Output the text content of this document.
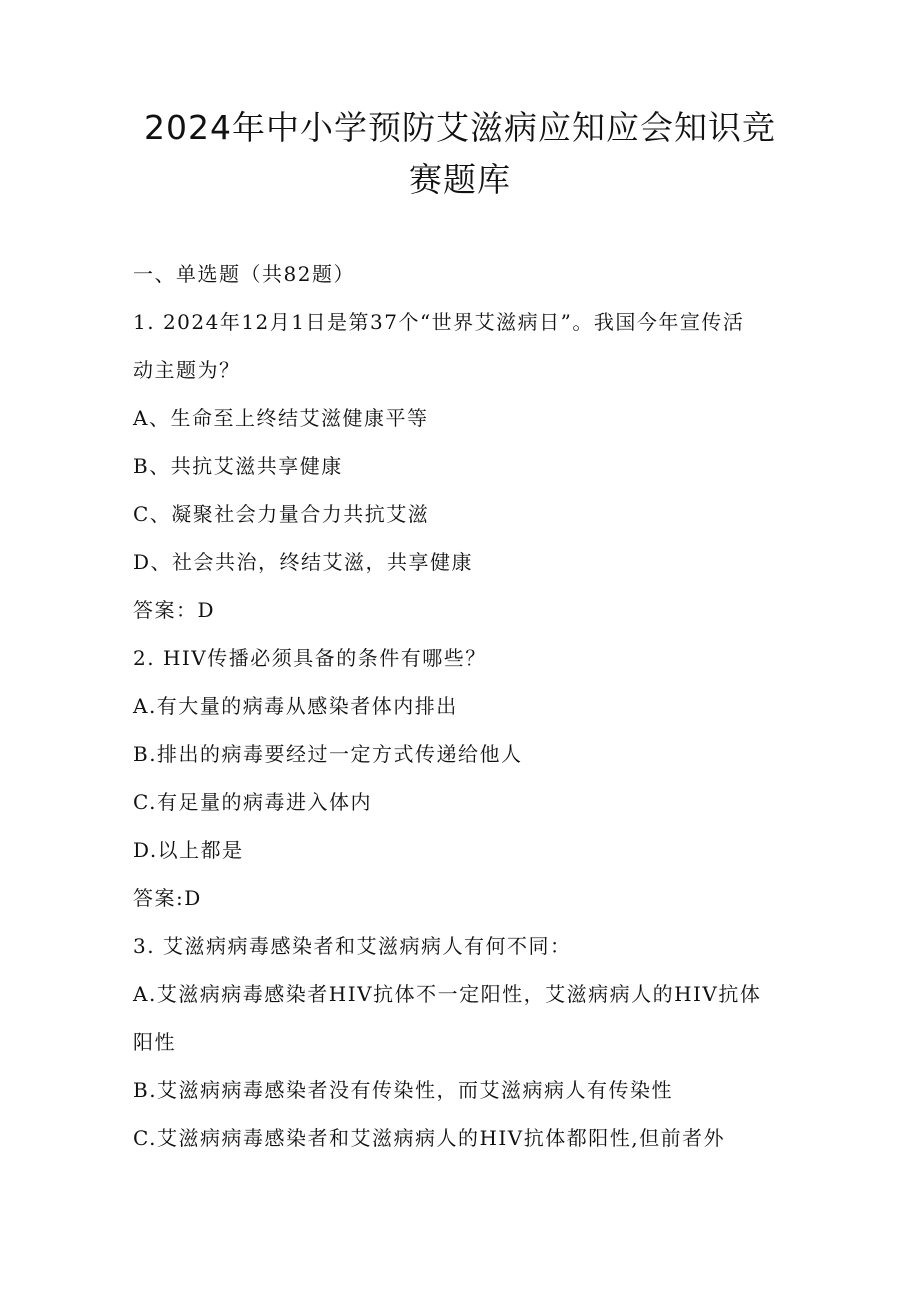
2024年中小学预防艾滋病应知应会知识竞
赛题库

一、单选题（共82题）

1. 2024年12月1日是第37个“世界艾滋病日”。我国今年宣传活

动主题为？

A、生命至上终结艾滋健康平等

B、共抗艾滋共享健康

C、凝聚社会力量合力共抗艾滋

D、社会共治，终结艾滋，共享健康

答案：D

2. HIV传播必须具备的条件有哪些？

A.有大量的病毒从感染者体内排出

B.排出的病毒要经过一定方式传递给他人

C.有足量的病毒进入体内

D.以上都是

答案:D

3. 艾滋病病毒感染者和艾滋病病人有何不同：

A.艾滋病病毒感染者HIV抗体不一定阳性，艾滋病病人的HIV抗体

阳性

B.艾滋病病毒感染者没有传染性，而艾滋病病人有传染性

C.艾滋病病毒感染者和艾滋病病人的HIV抗体都阳性,但前者外
